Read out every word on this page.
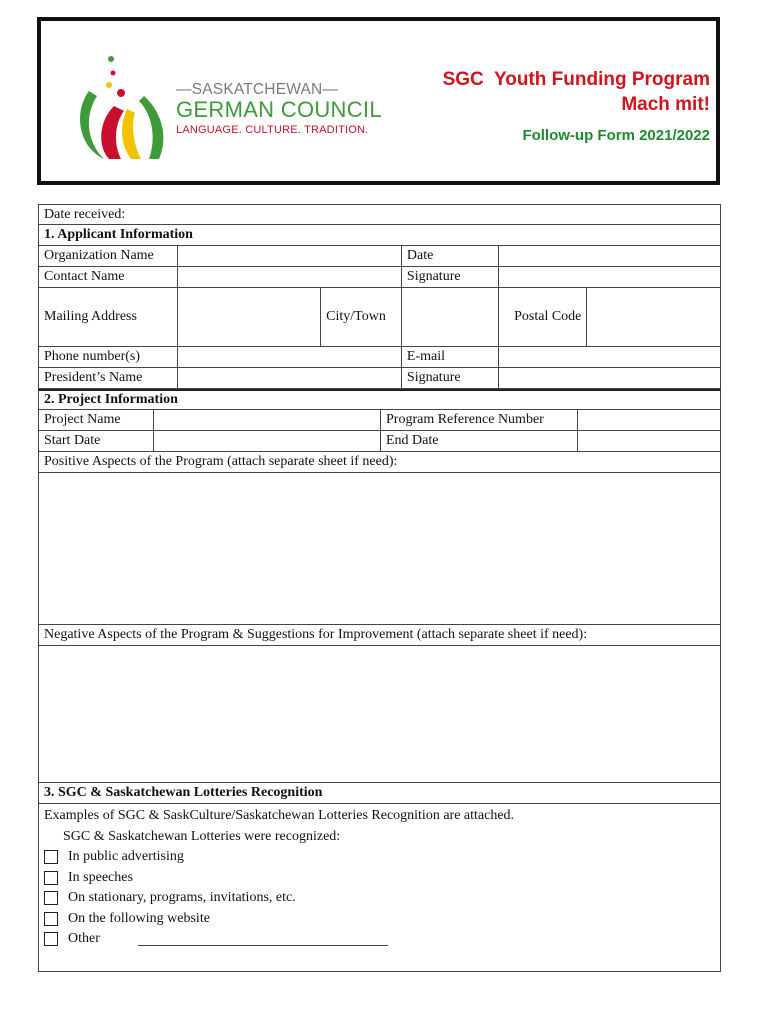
—SASKATCHEWAN—
GERMAN COUNCIL
LANGUAGE. CULTURE. TRADITION.
SGC  Youth Funding Program
Mach mit!
Follow-up Form 2021/2022
Date received:
1. Applicant Information
Organization Name	Date
Contact Name	Signature
Mailing Address	City/Town	Postal Code
Phone number(s)	E-mail
President’s Name	Signature
2. Project Information
Project Name	Program Reference Number
Start Date	End Date
Positive Aspects of the Program (attach separate sheet if need):
Negative Aspects of the Program & Suggestions for Improvement (attach separate sheet if need):
3. SGC & Saskatchewan Lotteries Recognition
Examples of SGC & SaskCulture/Saskatchewan Lotteries Recognition are attached.
SGC & Saskatchewan Lotteries were recognized:
In public advertising
In speeches
On stationary, programs, invitations, etc.
On the following website
Other
